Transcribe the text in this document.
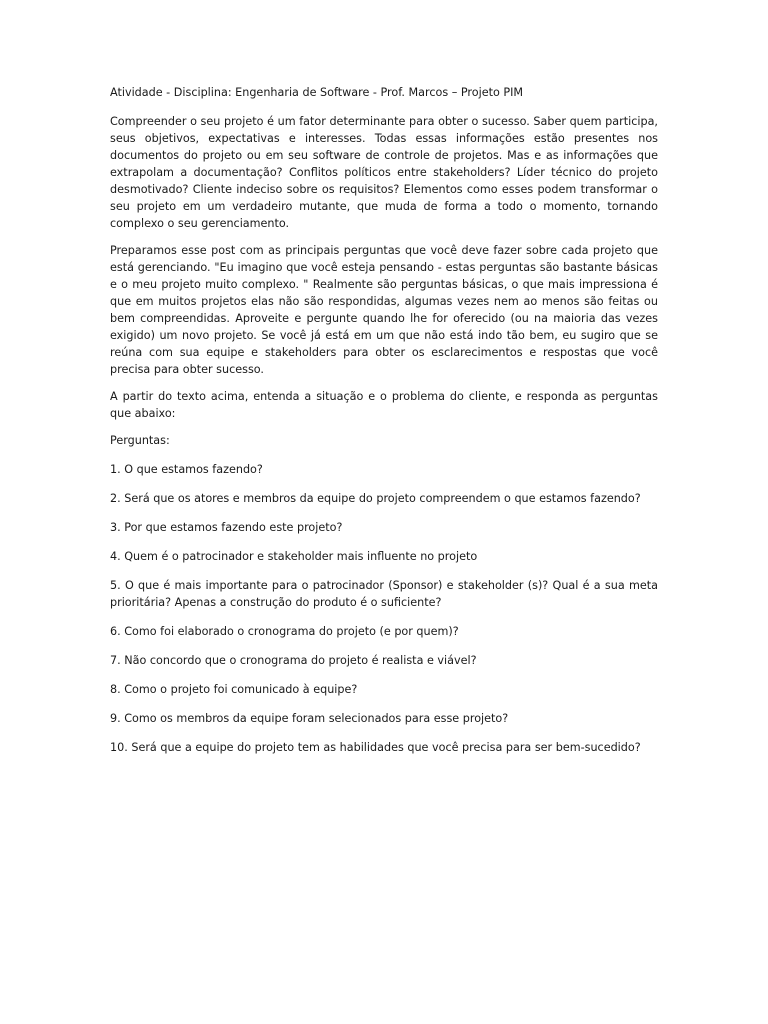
Atividade - Disciplina: Engenharia de Software - Prof. Marcos – Projeto PIM

Compreender o seu projeto é um fator determinante para obter o sucesso. Saber quem participa, seus objetivos, expectativas e interesses. Todas essas informações estão presentes nos documentos do projeto ou em seu software de controle de projetos. Mas e as informações que extrapolam a documentação? Conflitos políticos entre stakeholders? Líder técnico do projeto desmotivado? Cliente indeciso sobre os requisitos? Elementos como esses podem transformar o seu projeto em um verdadeiro mutante, que muda de forma a todo o momento, tornando complexo o seu gerenciamento.

Preparamos esse post com as principais perguntas que você deve fazer sobre cada projeto que está gerenciando. "Eu imagino que você esteja pensando - estas perguntas são bastante básicas e o meu projeto muito complexo. " Realmente são perguntas básicas, o que mais impressiona é que em muitos projetos elas não são respondidas, algumas vezes nem ao menos são feitas ou bem compreendidas. Aproveite e pergunte quando lhe for oferecido (ou na maioria das vezes exigido) um novo projeto. Se você já está em um que não está indo tão bem, eu sugiro que se reúna com sua equipe e stakeholders para obter os esclarecimentos e respostas que você precisa para obter sucesso.

A partir do texto acima, entenda a situação e o problema do cliente, e responda as perguntas que abaixo:

Perguntas:

1. O que estamos fazendo?
2. Será que os atores e membros da equipe do projeto compreendem o que estamos fazendo?
3. Por que estamos fazendo este projeto?
4. Quem é o patrocinador e stakeholder mais influente no projeto
5. O que é mais importante para o patrocinador (Sponsor) e stakeholder (s)? Qual é a sua meta prioritária? Apenas a construção do produto é o suficiente?
6. Como foi elaborado o cronograma do projeto (e por quem)?
7. Não concordo que o cronograma do projeto é realista e viável?
8. Como o projeto foi comunicado à equipe?
9. Como os membros da equipe foram selecionados para esse projeto?
10. Será que a equipe do projeto tem as habilidades que você precisa para ser bem-sucedido?
